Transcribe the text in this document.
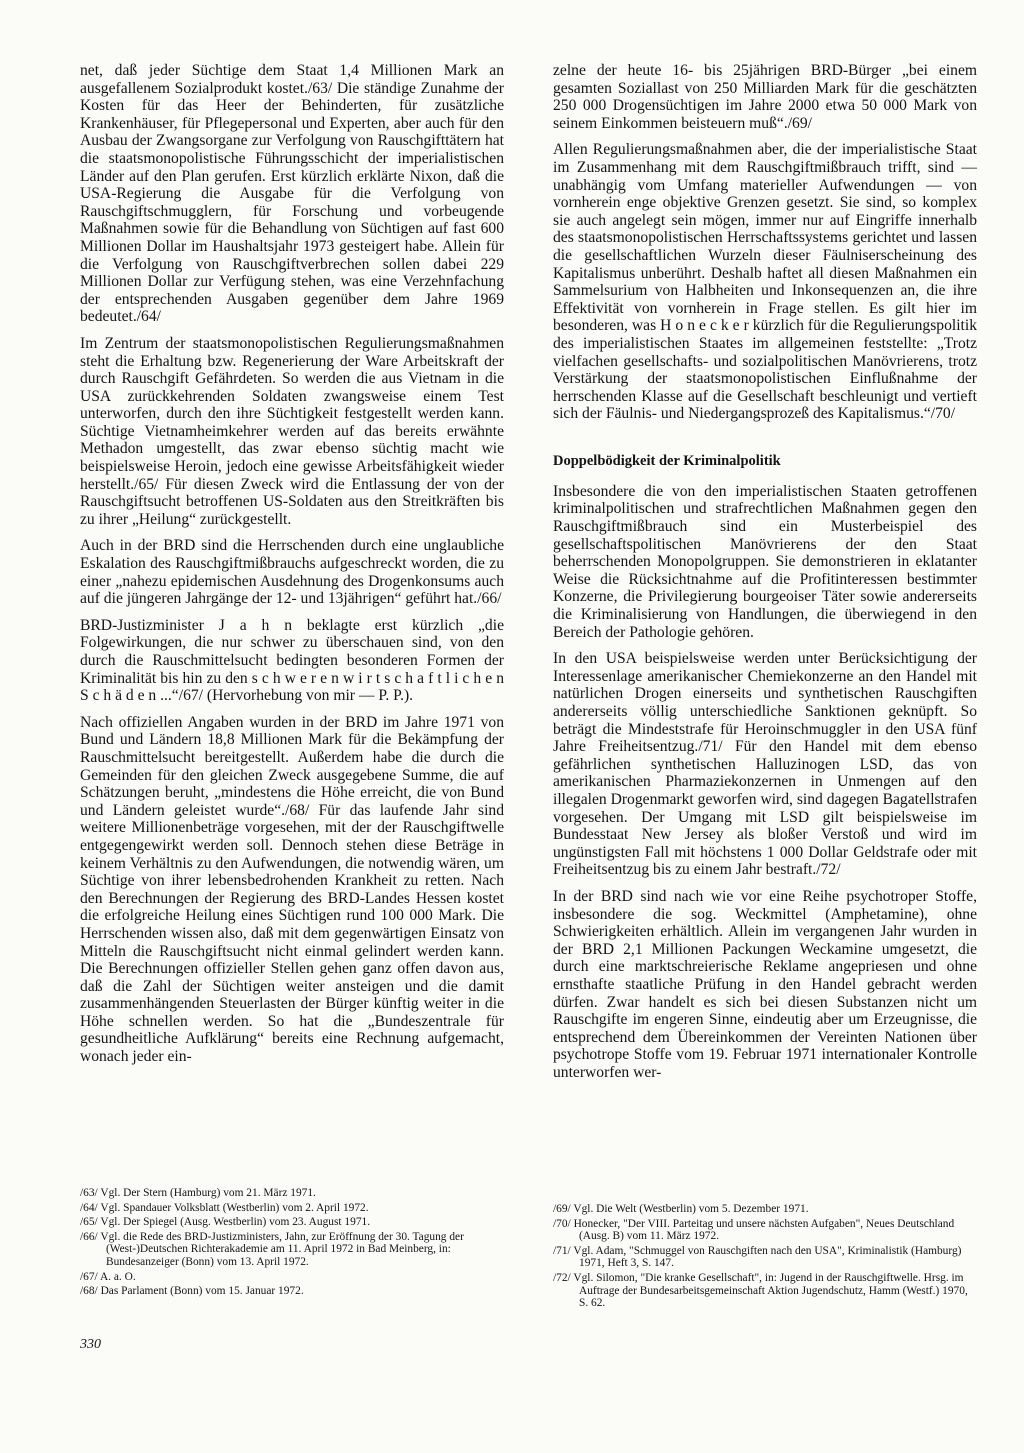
net, daß jeder Süchtige dem Staat 1,4 Millionen Mark an ausgefallenem Sozialprodukt kostet./63/ Die ständige Zunahme der Kosten für das Heer der Behinderten, für zusätzliche Krankenhäuser, für Pflegepersonal und Experten, aber auch für den Ausbau der Zwangsorgane zur Verfolgung von Rauschgifttätern hat die staatsmonopolistische Führungsschicht der imperialistischen Länder auf den Plan gerufen. Erst kürzlich erklärte Nixon, daß die USA-Regierung die Ausgabe für die Verfolgung von Rauschgiftschmugglern, für Forschung und vorbeugende Maßnahmen sowie für die Behandlung von Süchtigen auf fast 600 Millionen Dollar im Haushaltsjahr 1973 gesteigert habe. Allein für die Verfolgung von Rauschgiftverbrechen sollen dabei 229 Millionen Dollar zur Verfügung stehen, was eine Verzehnfachung der entsprechenden Ausgaben gegenüber dem Jahre 1969 bedeutet./64/

Im Zentrum der staatsmonopolistischen Regulierungsmaßnahmen steht die Erhaltung bzw. Regenerierung der Ware Arbeitskraft der durch Rauschgift Gefährdeten. So werden die aus Vietnam in die USA zurückkehrenden Soldaten zwangsweise einem Test unterworfen, durch den ihre Süchtigkeit festgestellt werden kann. Süchtige Vietnamheimkehrer werden auf das bereits erwähnte Methadon umgestellt, das zwar ebenso süchtig macht wie beispielsweise Heroin, jedoch eine gewisse Arbeitsfähigkeit wieder herstellt./65/ Für diesen Zweck wird die Entlassung der von der Rauschgiftsucht betroffenen US-Soldaten aus den Streitkräften bis zu ihrer „Heilung“ zurückgestellt.

Auch in der BRD sind die Herrschenden durch eine unglaubliche Eskalation des Rauschgiftmißbrauchs aufgeschreckt worden, die zu einer „nahezu epidemischen Ausdehnung des Drogenkonsums auch auf die jüngeren Jahrgänge der 12- und 13jährigen“ geführt hat./66/

BRD-Justizminister J a h n beklagte erst kürzlich „die Folgewirkungen, die nur schwer zu überschauen sind, von den durch die Rauschmittelsucht bedingten besonderen Formen der Kriminalität bis hin zu den s c h w e r e n w i r t s c h a f t l i c h e n S c h ä d e n ...“/67/ (Hervorhebung von mir — P. P.).

Nach offiziellen Angaben wurden in der BRD im Jahre 1971 von Bund und Ländern 18,8 Millionen Mark für die Bekämpfung der Rauschmittelsucht bereitgestellt. Außerdem habe die durch die Gemeinden für den gleichen Zweck ausgegebene Summe, die auf Schätzungen beruht, „mindestens die Höhe erreicht, die von Bund und Ländern geleistet wurde“./68/ Für das laufende Jahr sind weitere Millionenbeträge vorgesehen, mit der der Rauschgiftwelle entgegengewirkt werden soll. Dennoch stehen diese Beträge in keinem Verhältnis zu den Aufwendungen, die notwendig wären, um Süchtige von ihrer lebensbedrohenden Krankheit zu retten. Nach den Berechnungen der Regierung des BRD-Landes Hessen kostet die erfolgreiche Heilung eines Süchtigen rund 100 000 Mark. Die Herrschenden wissen also, daß mit dem gegenwärtigen Einsatz von Mitteln die Rauschgiftsucht nicht einmal gelindert werden kann. Die Berechnungen offizieller Stellen gehen ganz offen davon aus, daß die Zahl der Süchtigen weiter ansteigen und die damit zusammenhängenden Steuerlasten der Bürger künftig weiter in die Höhe schnellen werden. So hat die „Bundeszentrale für gesundheitliche Aufklärung“ bereits eine Rechnung aufgemacht, wonach jeder ein-

zelne der heute 16- bis 25jährigen BRD-Bürger „bei einem gesamten Soziallast von 250 Milliarden Mark für die geschätzten 250 000 Drogensüchtigen im Jahre 2000 etwa 50 000 Mark von seinem Einkommen beisteuern muß“./69/

Allen Regulierungsmaßnahmen aber, die der imperialistische Staat im Zusammenhang mit dem Rauschgiftmißbrauch trifft, sind — unabhängig vom Umfang materieller Aufwendungen — von vornherein enge objektive Grenzen gesetzt. Sie sind, so komplex sie auch angelegt sein mögen, immer nur auf Eingriffe innerhalb des staatsmonopolistischen Herrschaftssystems gerichtet und lassen die gesellschaftlichen Wurzeln dieser Fäulniserscheinung des Kapitalismus unberührt. Deshalb haftet all diesen Maßnahmen ein Sammelsurium von Halbheiten und Inkonsequenzen an, die ihre Effektivität von vornherein in Frage stellen. Es gilt hier im besonderen, was H o n e c k e r kürzlich für die Regulierungspolitik des imperialistischen Staates im allgemeinen feststellte: „Trotz vielfachen gesellschafts- und sozialpolitischen Manövrierens, trotz Verstärkung der staatsmonopolistischen Einflußnahme der herrschenden Klasse auf die Gesellschaft beschleunigt und vertieft sich der Fäulnis- und Niedergangsprozeß des Kapitalismus.“/70/

Doppelbödigkeit der Kriminalpolitik

Insbesondere die von den imperialistischen Staaten getroffenen kriminalpolitischen und strafrechtlichen Maßnahmen gegen den Rauschgiftmißbrauch sind ein Musterbeispiel des gesellschaftspolitischen Manövrierens der den Staat beherrschenden Monopolgruppen. Sie demonstrieren in eklatanter Weise die Rücksichtnahme auf die Profitinteressen bestimmter Konzerne, die Privilegierung bourgeoiser Täter sowie andererseits die Kriminalisierung von Handlungen, die überwiegend in den Bereich der Pathologie gehören.

In den USA beispielsweise werden unter Berücksichtigung der Interessenlage amerikanischer Chemiekonzerne an den Handel mit natürlichen Drogen einerseits und synthetischen Rauschgiften andererseits völlig unterschiedliche Sanktionen geknüpft. So beträgt die Mindeststrafe für Heroinschmuggler in den USA fünf Jahre Freiheitsentzug./71/ Für den Handel mit dem ebenso gefährlichen synthetischen Halluzinogen LSD, das von amerikanischen Pharmaziekonzernen in Unmengen auf den illegalen Drogenmarkt geworfen wird, sind dagegen Bagatellstrafen vorgesehen. Der Umgang mit LSD gilt beispielsweise im Bundesstaat New Jersey als bloßer Verstoß und wird im ungünstigsten Fall mit höchstens 1 000 Dollar Geldstrafe oder mit Freiheitsentzug bis zu einem Jahr bestraft./72/

In der BRD sind nach wie vor eine Reihe psychotroper Stoffe, insbesondere die sog. Weckmittel (Amphetamine), ohne Schwierigkeiten erhältlich. Allein im vergangenen Jahr wurden in der BRD 2,1 Millionen Packungen Weckamine umgesetzt, die durch eine marktschreierische Reklame angepriesen und ohne ernsthafte staatliche Prüfung in den Handel gebracht werden dürfen. Zwar handelt es sich bei diesen Substanzen nicht um Rauschgifte im engeren Sinne, eindeutig aber um Erzeugnisse, die entsprechend dem Übereinkommen der Vereinten Nationen über psychotrope Stoffe vom 19. Februar 1971 internationaler Kontrolle unterworfen wer-

/63/ Vgl. Der Stern (Hamburg) vom 21. März 1971.

/64/ Vgl. Spandauer Volksblatt (Westberlin) vom 2. April 1972.

/65/ Vgl. Der Spiegel (Ausg. Westberlin) vom 23. August 1971.

/66/ Vgl. die Rede des BRD-Justizministers, Jahn, zur Eröffnung der 30. Tagung der (West-)Deutschen Richterakademie am 11. April 1972 in Bad Meinberg, in: Bundesanzeiger (Bonn) vom 13. April 1972.

/67/ A. a. O.

/68/ Das Parlament (Bonn) vom 15. Januar 1972.

/69/ Vgl. Die Welt (Westberlin) vom 5. Dezember 1971.

/70/ Honecker, "Der VIII. Parteitag und unsere nächsten Aufgaben", Neues Deutschland (Ausg. B) vom 11. März 1972.

/71/ Vgl. Adam, "Schmuggel von Rauschgiften nach den USA", Kriminalistik (Hamburg) 1971, Heft 3, S. 147.

/72/ Vgl. Silomon, "Die kranke Gesellschaft", in: Jugend in der Rauschgiftwelle. Hrsg. im Auftrage der Bundesarbeitsgemeinschaft Aktion Jugendschutz, Hamm (Westf.) 1970, S. 62.

330
